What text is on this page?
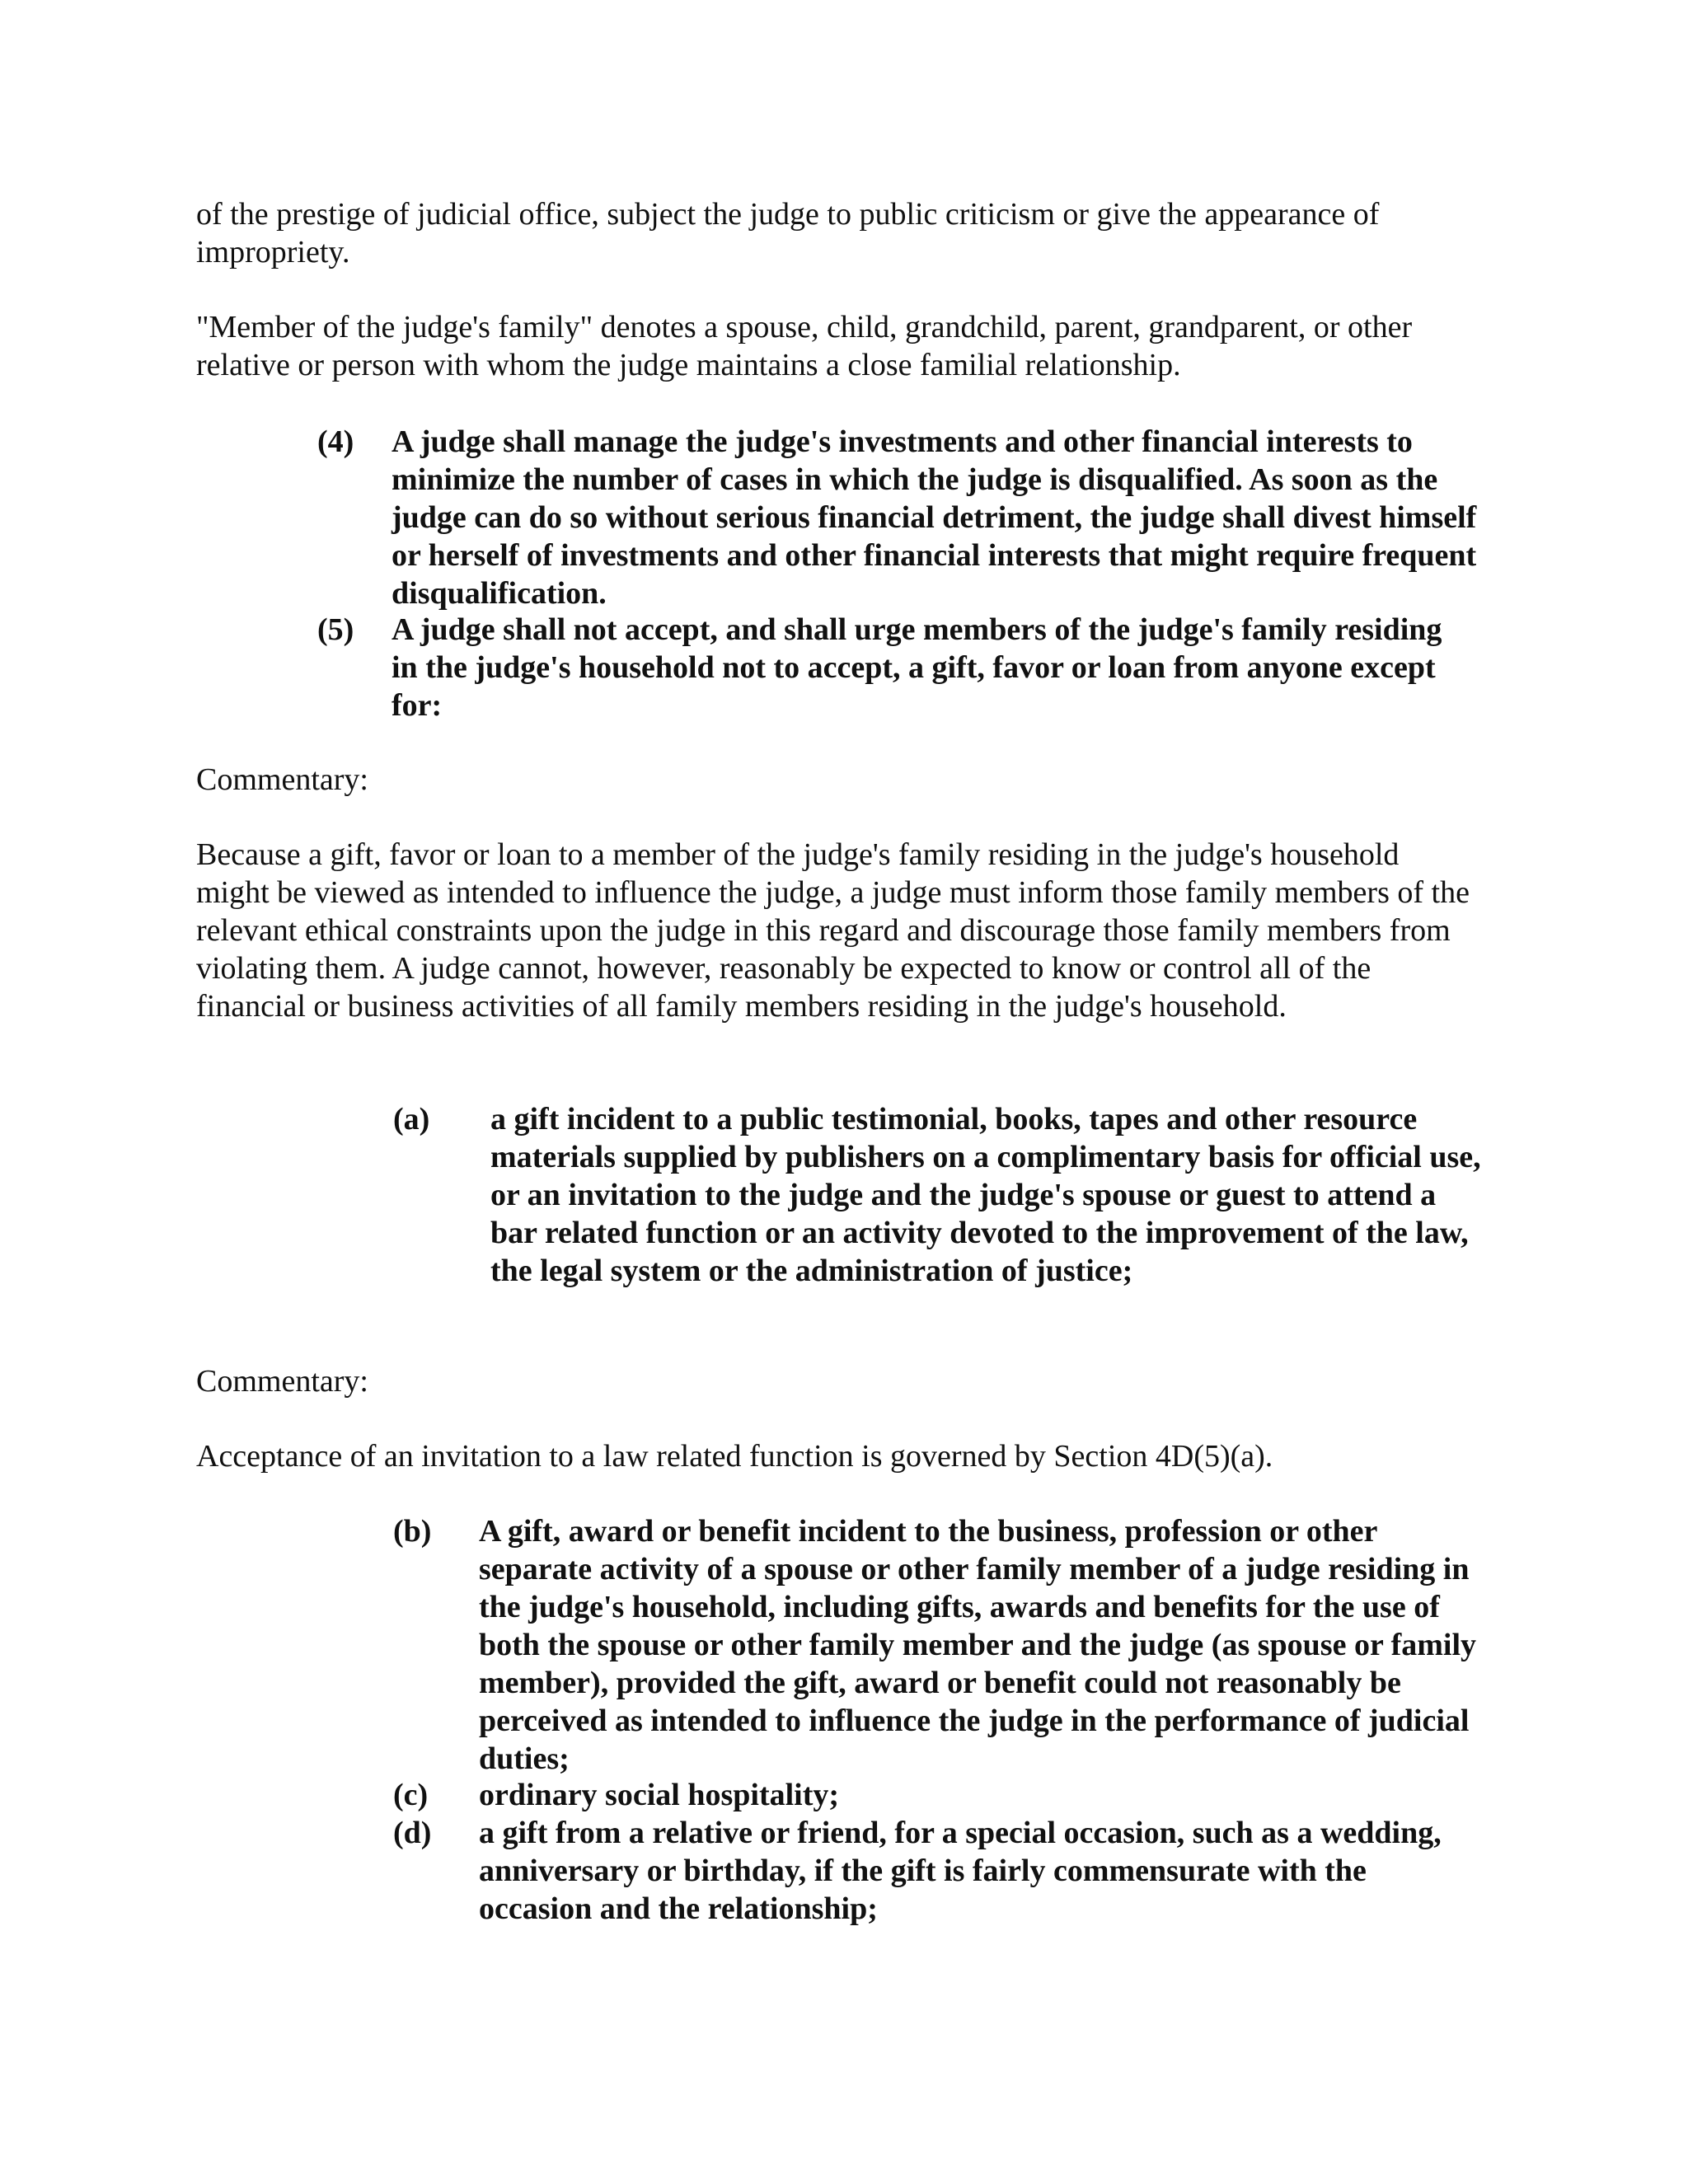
of the prestige of judicial office, subject the judge to public criticism or give the appearance of impropriety.

"Member of the judge's family" denotes a spouse, child, grandchild, parent, grandparent, or other relative or person with whom the judge maintains a close familial relationship.

(4) A judge shall manage the judge's investments and other financial interests to minimize the number of cases in which the judge is disqualified. As soon as the judge can do so without serious financial detriment, the judge shall divest himself or herself of investments and other financial interests that might require frequent disqualification.
(5) A judge shall not accept, and shall urge members of the judge's family residing in the judge's household not to accept, a gift, favor or loan from anyone except for:

Commentary:

Because a gift, favor or loan to a member of the judge's family residing in the judge's household might be viewed as intended to influence the judge, a judge must inform those family members of the relevant ethical constraints upon the judge in this regard and discourage those family members from violating them. A judge cannot, however, reasonably be expected to know or control all of the financial or business activities of all family members residing in the judge's household.

(a) a gift incident to a public testimonial, books, tapes and other resource materials supplied by publishers on a complimentary basis for official use, or an invitation to the judge and the judge's spouse or guest to attend a bar related function or an activity devoted to the improvement of the law, the legal system or the administration of justice;

Commentary:

Acceptance of an invitation to a law related function is governed by Section 4D(5)(a).

(b) A gift, award or benefit incident to the business, profession or other separate activity of a spouse or other family member of a judge residing in the judge's household, including gifts, awards and benefits for the use of both the spouse or other family member and the judge (as spouse or family member), provided the gift, award or benefit could not reasonably be perceived as intended to influence the judge in the performance of judicial duties;
(c) ordinary social hospitality;
(d) a gift from a relative or friend, for a special occasion, such as a wedding, anniversary or birthday, if the gift is fairly commensurate with the occasion and the relationship;
